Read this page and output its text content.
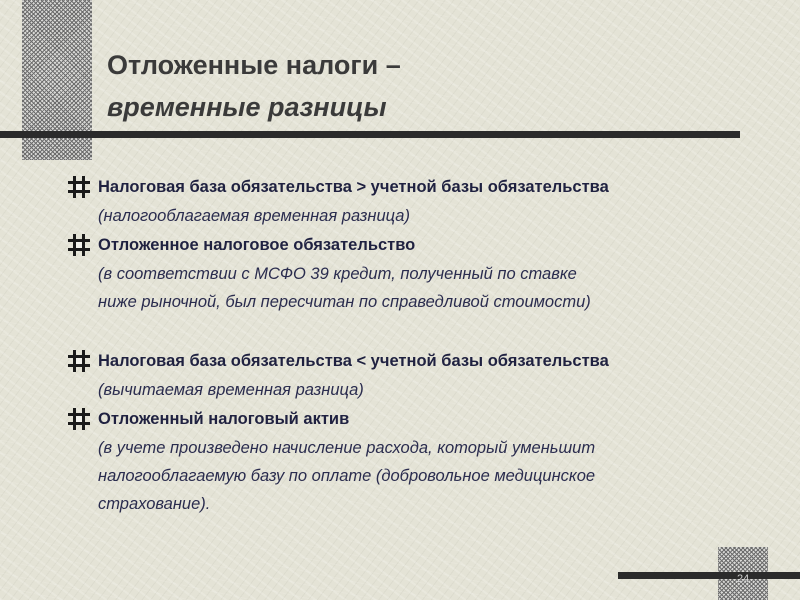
Отложенные налоги –
временные разницы
Налоговая база обязательства > учетной базы обязательства

(налогооблагаемая временная разница)

Отложенное налоговое обязательство

(в соответствии с МСФО 39 кредит, полученный по ставке
ниже рыночной, был пересчитан по справедливой стоимости)

Налоговая база обязательства < учетной базы обязательства

(вычитаемая временная разница)

Отложенный налоговый актив

(в учете произведено начисление расхода, который уменьшит
налогооблагаемую базу по оплате (добровольное медицинское
страхование).

24
